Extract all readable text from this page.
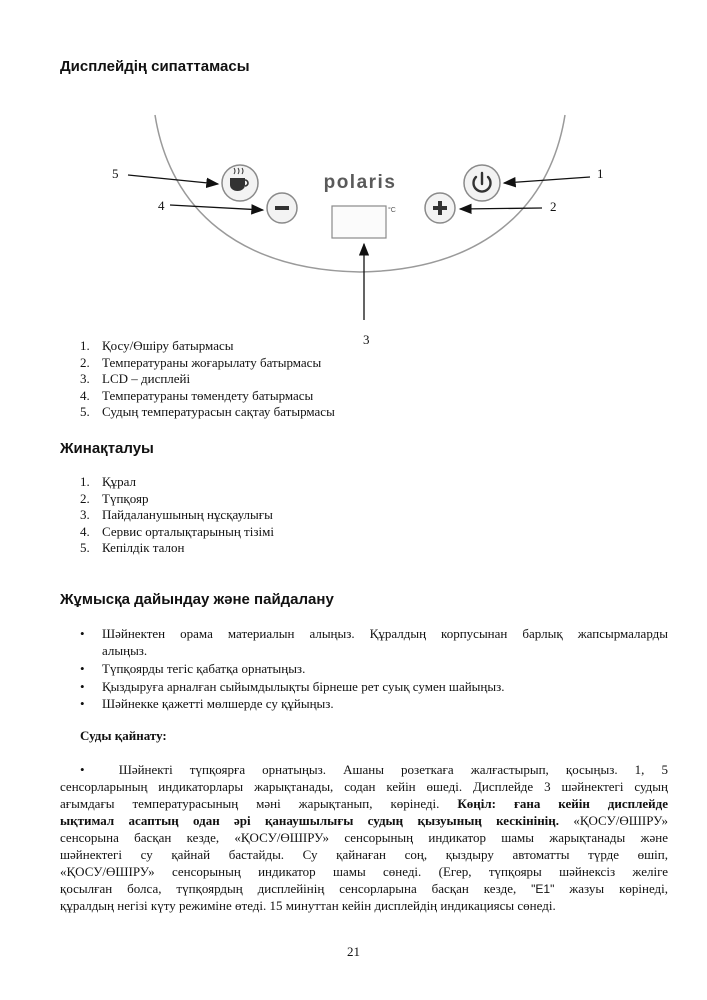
Дисплейдің сипаттамасы
°C
polaris
5
4
1
2
3
1. Қосу/Өшіру батырмасы
2. Температураны жоғарылату батырмасы
3. LCD – дисплейі
4. Температураны төмендету батырмасы
5. Судың температурасын сақтау батырмасы
Жинақталуы
1. Құрал
2. Түпқояр
3. Пайдаланушының нұсқаулығы
4. Сервис орталықтарының тізімі
5. Кепілдік талон
Жұмысқа дайындау және пайдалану
• Шәйнектен орама материалын алыңыз. Құралдың корпусынан барлық жапсырмаларды
алыңыз.
• Түпқоярды тегіс қабатқа орнатыңыз.
• Қыздыруға арналған сыйымдылықты бірнеше рет суық сумен шайыңыз.
• Шәйнекке қажетті мөлшерде су құйыңыз.
Суды қайнату:
•	Шәйнекті түпқоярға орнатыңыз. Ашаны розеткаға жалғастырып, қосыңыз. 1, 5
сенсорларының индикаторлары жарықтанады, содан кейін өшеді. Дисплейде 3 шәйнектегі судың
ағымдағы температурасының мәні жарықтанып, көрінеді. Көңіл: ғана кейін дисплейде
ықтимал асаптың одан әрі қанаушылығы судың қызуының кескінінің. «ҚОСУ/ӨШІРУ»
сенсорына басқан кезде, «ҚОСУ/ӨШІРУ» сенсорының индикатор шамы жарықтанады және
шәйнектегі су қайнай бастайды. Су қайнаған соң, қыздыру автоматты түрде өшіп,
«ҚОСУ/ӨШІРУ» сенсорының индикатор шамы сөнеді. (Егер, түпқояры шәйнексіз желіге
қосылған болса, түпқоярдың дисплейінің сенсорларына басқан кезде, "E1" жазуы көрінеді,
құралдың негізі күту режиміне өтеді. 15 минуттан кейін дисплейдің индикациясы сөнеді.
21
